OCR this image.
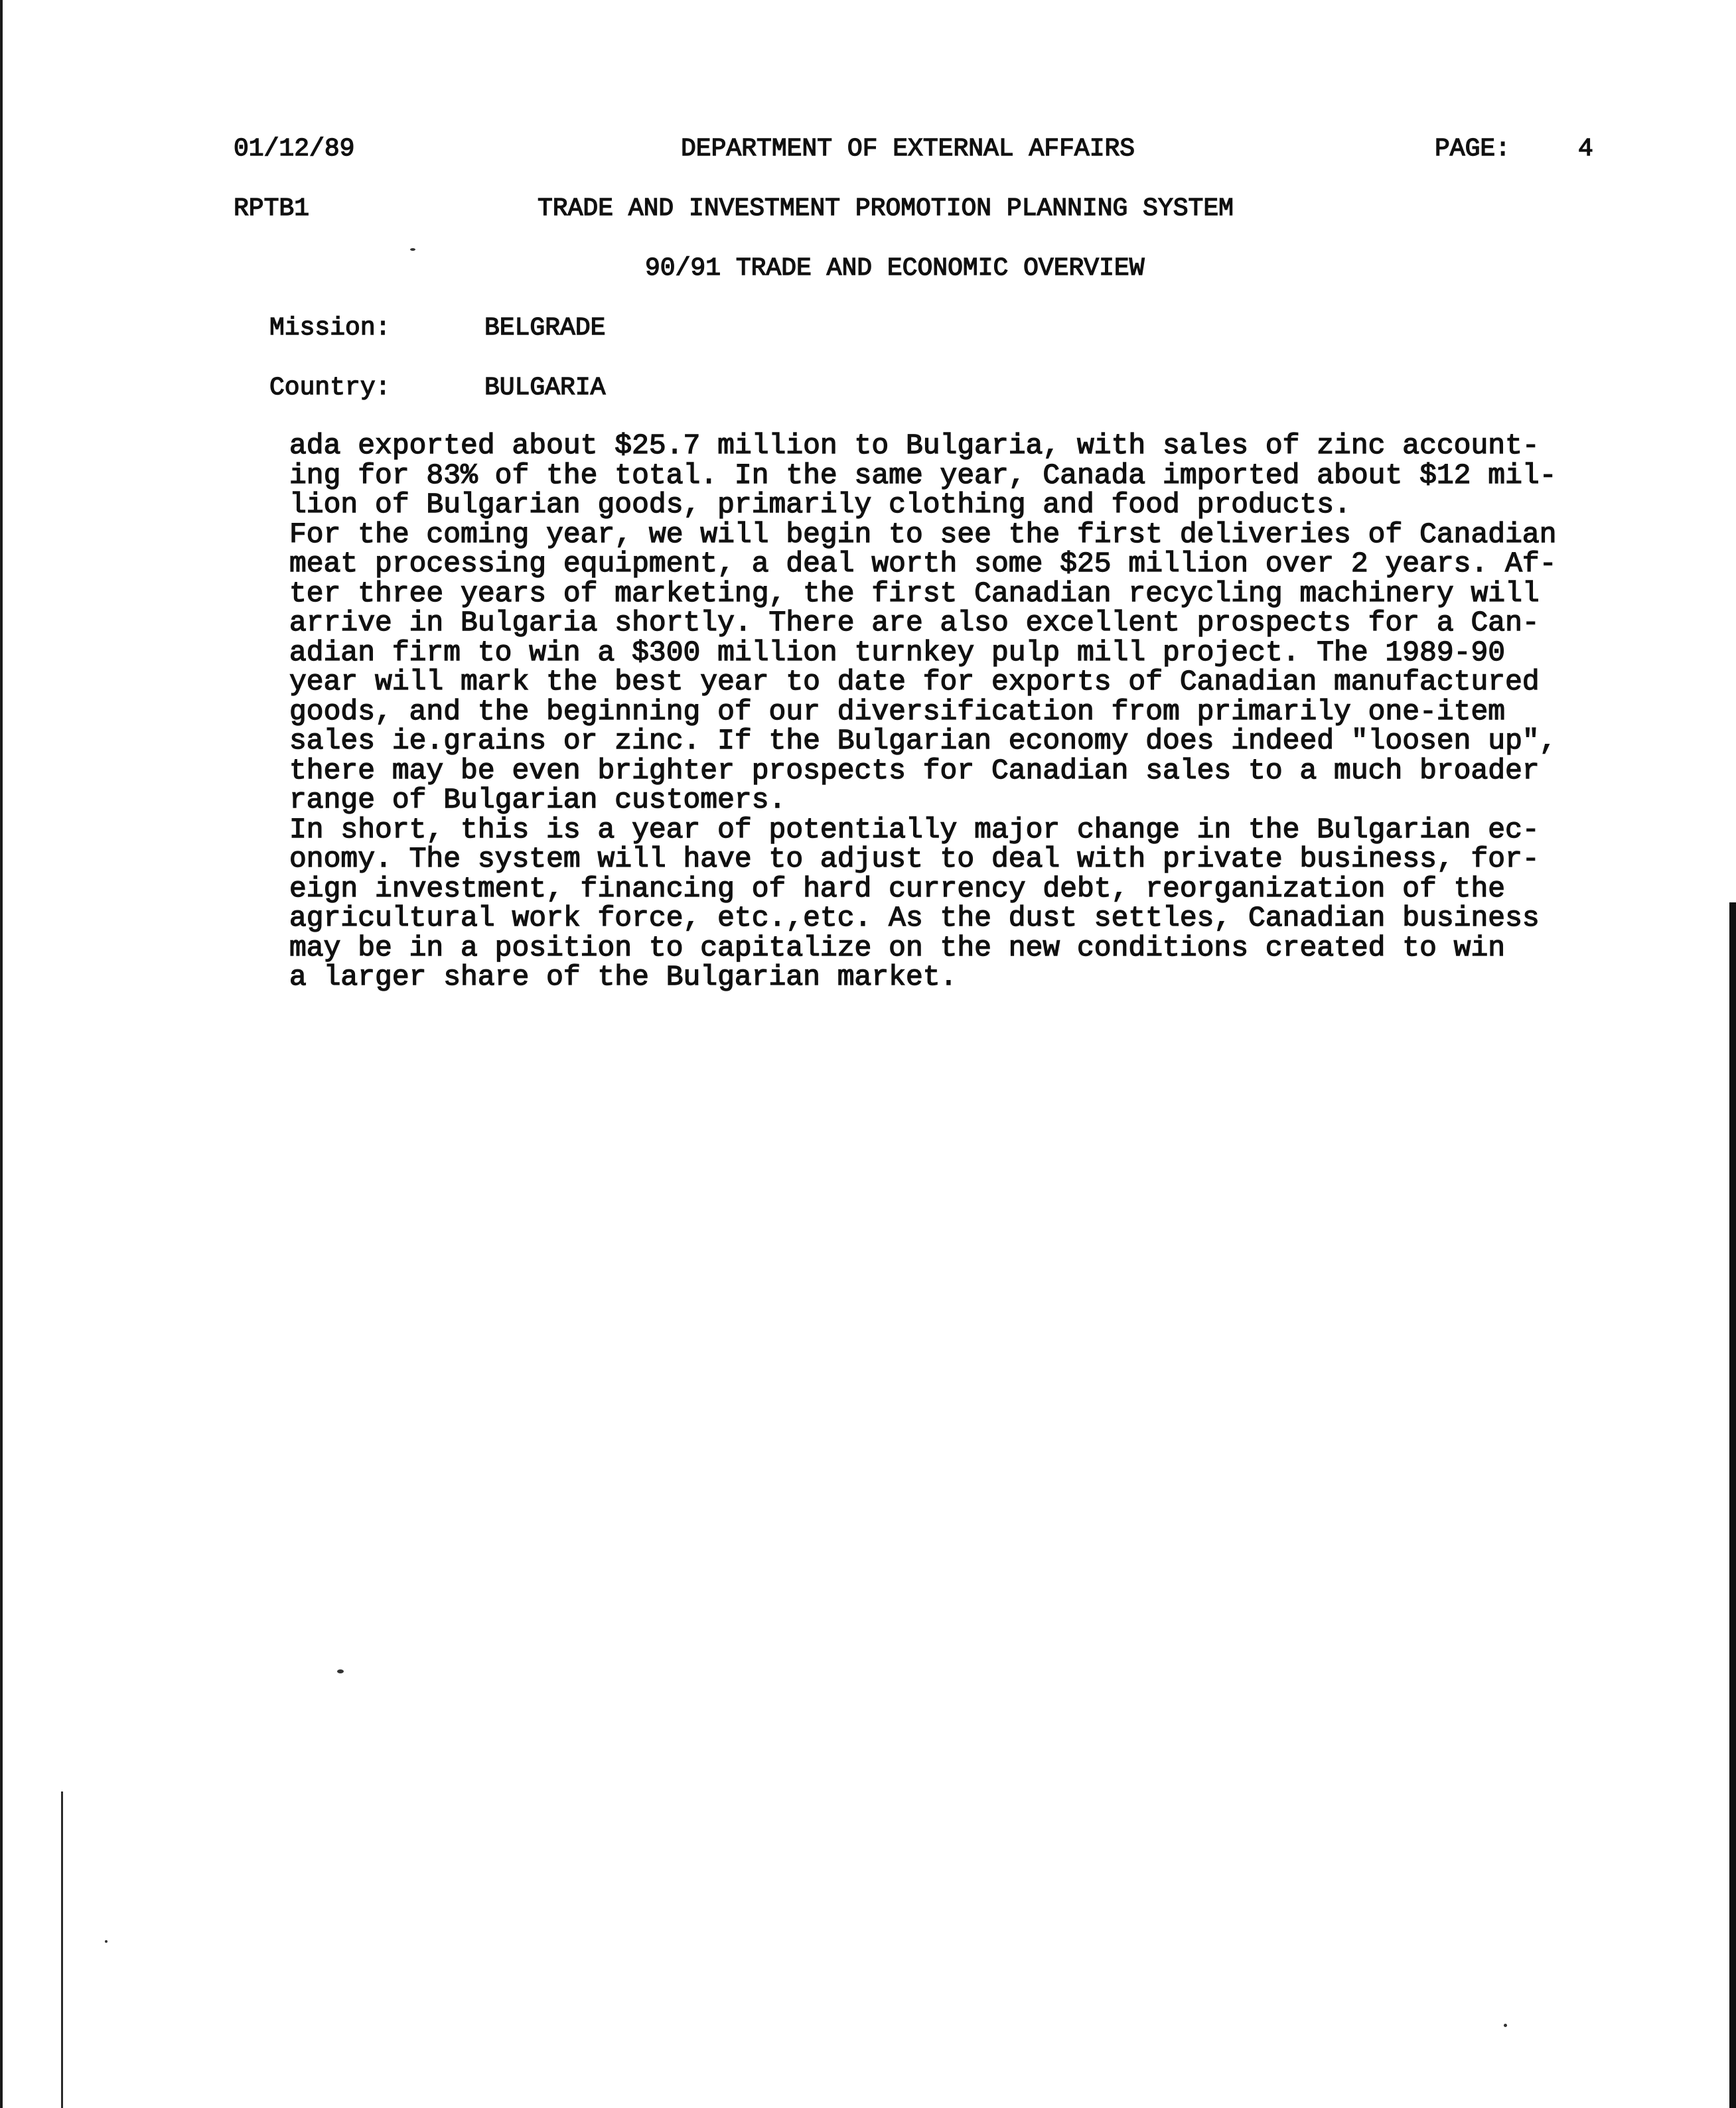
01/12/89	DEPARTMENT OF EXTERNAL AFFAIRS	PAGE:	4
RPTB1	TRADE AND INVESTMENT PROMOTION PLANNING SYSTEM
90/91 TRADE AND ECONOMIC OVERVIEW
Mission:	BELGRADE
Country:	BULGARIA
ada exported about $25.7 million to Bulgaria, with sales of zinc account-
ing for 83% of the total. In the same year, Canada imported about $12 mil-
lion of Bulgarian goods, primarily clothing and food products.
For the coming year, we will begin to see the first deliveries of Canadian
meat processing equipment, a deal worth some $25 million over 2 years. Af-
ter three years of marketing, the first Canadian recycling machinery will
arrive in Bulgaria shortly. There are also excellent prospects for a Can-
adian firm to win a $300 million turnkey pulp mill project. The 1989-90
year will mark the best year to date for exports of Canadian manufactured
goods, and the beginning of our diversification from primarily one-item
sales ie.grains or zinc. If the Bulgarian economy does indeed "loosen up",
there may be even brighter prospects for Canadian sales to a much broader
range of Bulgarian customers.
In short, this is a year of potentially major change in the Bulgarian ec-
onomy. The system will have to adjust to deal with private business, for-
eign investment, financing of hard currency debt, reorganization of the
agricultural work force, etc.,etc. As the dust settles, Canadian business
may be in a position to capitalize on the new conditions created to win
a larger share of the Bulgarian market.
